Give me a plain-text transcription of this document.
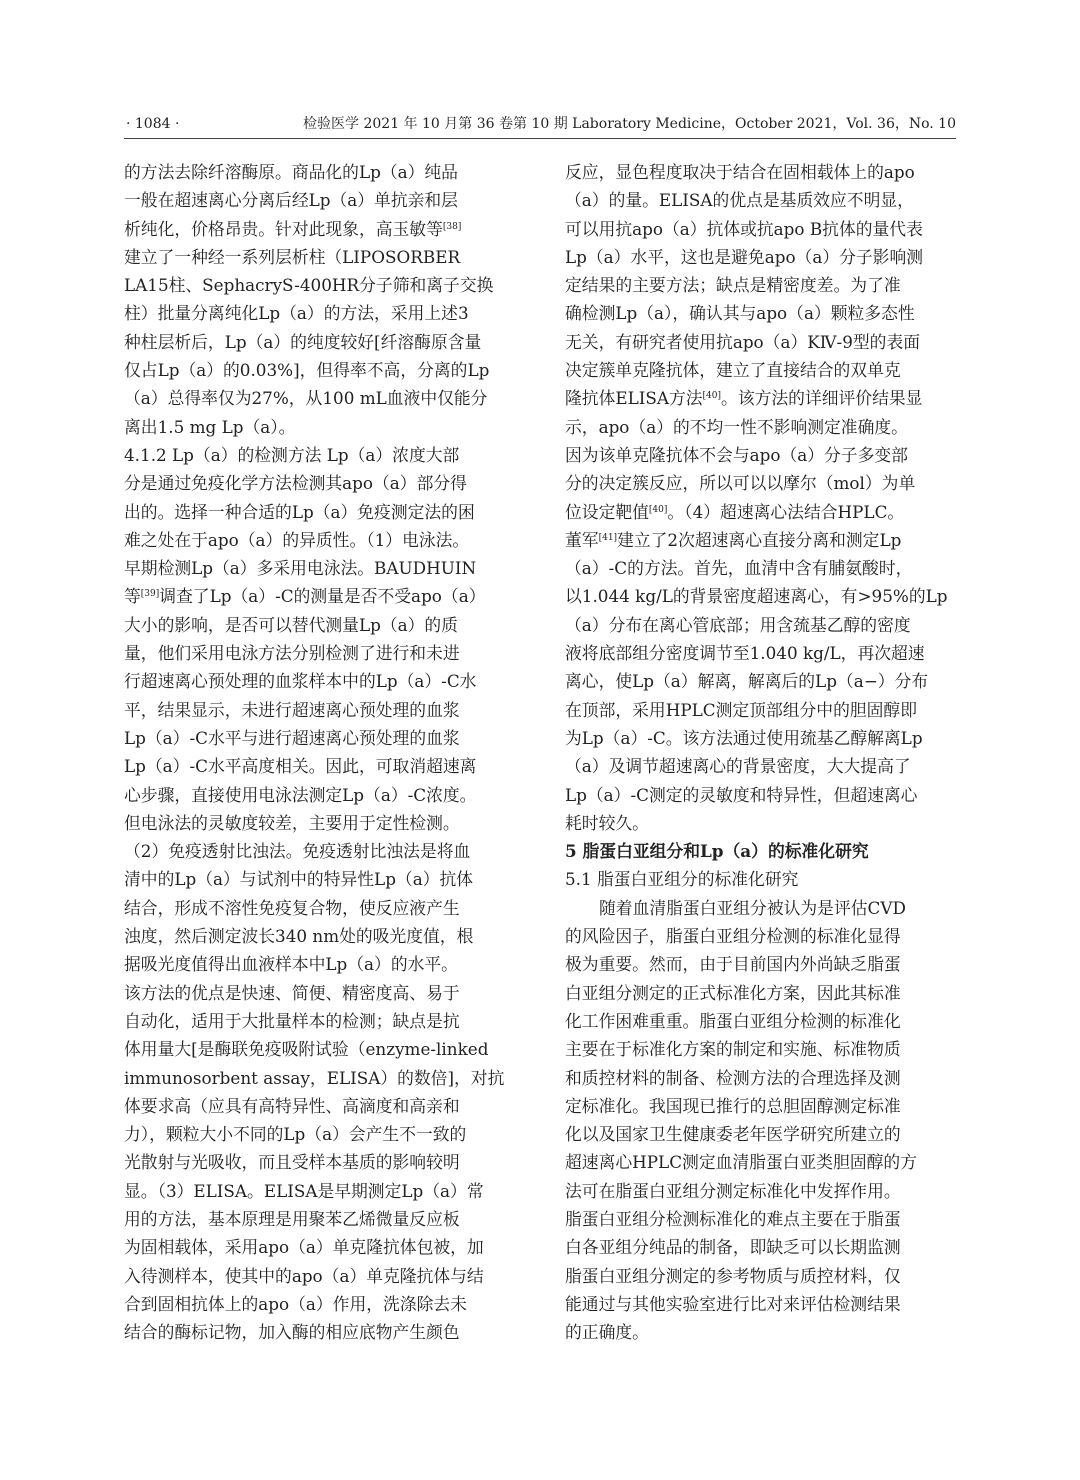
· 1084 ·	检验医学 2021 年 10 月第 36 卷第 10 期 Laboratory Medicine，October 2021，Vol. 36，No. 10
的方法去除纤溶酶原。商品化的Lp（a）纯品
一般在超速离心分离后经Lp（a）单抗亲和层
析纯化，价格昂贵。针对此现象，高玉敏等[38]
建立了一种经一系列层析柱（LIPOSORBER
LA15柱、SephacryS-400HR分子筛和离子交换
柱）批量分离纯化Lp（a）的方法，采用上述3
种柱层析后，Lp（a）的纯度较好[纤溶酶原含量
仅占Lp（a）的0.03%]，但得率不高，分离的Lp
（a）总得率仅为27%，从100 mL血液中仅能分
离出1.5 mg Lp（a）。
4.1.2 Lp（a）的检测方法 Lp（a）浓度大部
分是通过免疫化学方法检测其apo（a）部分得
出的。选择一种合适的Lp（a）免疫测定法的困
难之处在于apo（a）的异质性。（1）电泳法。
早期检测Lp（a）多采用电泳法。BAUDHUIN
等[39]调查了Lp（a）-C的测量是否不受apo（a）
大小的影响，是否可以替代测量Lp（a）的质
量，他们采用电泳方法分别检测了进行和未进
行超速离心预处理的血浆样本中的Lp（a）-C水
平，结果显示，未进行超速离心预处理的血浆
Lp（a）-C水平与进行超速离心预处理的血浆
Lp（a）-C水平高度相关。因此，可取消超速离
心步骤，直接使用电泳法测定Lp（a）-C浓度。
但电泳法的灵敏度较差，主要用于定性检测。
（2）免疫透射比浊法。免疫透射比浊法是将血
清中的Lp（a）与试剂中的特异性Lp（a）抗体
结合，形成不溶性免疫复合物，使反应液产生
浊度，然后测定波长340 nm处的吸光度值，根
据吸光度值得出血液样本中Lp（a）的水平。
该方法的优点是快速、简便、精密度高、易于
自动化，适用于大批量样本的检测；缺点是抗
体用量大[是酶联免疫吸附试验（enzyme-linked
immunosorbent assay，ELISA）的数倍]，对抗
体要求高（应具有高特异性、高滴度和高亲和
力），颗粒大小不同的Lp（a）会产生不一致的
光散射与光吸收，而且受样本基质的影响较明
显。（3）ELISA。ELISA是早期测定Lp（a）常
用的方法，基本原理是用聚苯乙烯微量反应板
为固相载体，采用apo（a）单克隆抗体包被，加
入待测样本，使其中的apo（a）单克隆抗体与结
合到固相抗体上的apo（a）作用，洗涤除去未
结合的酶标记物，加入酶的相应底物产生颜色
反应，显色程度取决于结合在固相载体上的apo
（a）的量。ELISA的优点是基质效应不明显，
可以用抗apo（a）抗体或抗apo B抗体的量代表
Lp（a）水平，这也是避免apo（a）分子影响测
定结果的主要方法；缺点是精密度差。为了准
确检测Lp（a），确认其与apo（a）颗粒多态性
无关，有研究者使用抗apo（a）KⅣ-9型的表面
决定簇单克隆抗体，建立了直接结合的双单克
隆抗体ELISA方法[40]。该方法的详细评价结果显
示，apo（a）的不均一性不影响测定准确度。
因为该单克隆抗体不会与apo（a）分子多变部
分的决定簇反应，所以可以以摩尔（mol）为单
位设定靶值[40]。（4）超速离心法结合HPLC。
董军[41]建立了2次超速离心直接分离和测定Lp
（a）-C的方法。首先，血清中含有脯氨酸时，
以1.044 kg/L的背景密度超速离心，有>95%的Lp
（a）分布在离心管底部；用含巯基乙醇的密度
液将底部组分密度调节至1.040 kg/L，再次超速
离心，使Lp（a）解离，解离后的Lp（a−）分布
在顶部，采用HPLC测定顶部组分中的胆固醇即
为Lp（a）-C。该方法通过使用巯基乙醇解离Lp
（a）及调节超速离心的背景密度，大大提高了
Lp（a）-C测定的灵敏度和特异性，但超速离心
耗时较久。
5 脂蛋白亚组分和Lp（a）的标准化研究
5.1 脂蛋白亚组分的标准化研究
随着血清脂蛋白亚组分被认为是评估CVD
的风险因子，脂蛋白亚组分检测的标准化显得
极为重要。然而，由于目前国内外尚缺乏脂蛋
白亚组分测定的正式标准化方案，因此其标准
化工作困难重重。脂蛋白亚组分检测的标准化
主要在于标准化方案的制定和实施、标准物质
和质控材料的制备、检测方法的合理选择及测
定标准化。我国现已推行的总胆固醇测定标准
化以及国家卫生健康委老年医学研究所建立的
超速离心HPLC测定血清脂蛋白亚类胆固醇的方
法可在脂蛋白亚组分测定标准化中发挥作用。
脂蛋白亚组分检测标准化的难点主要在于脂蛋
白各亚组分纯品的制备，即缺乏可以长期监测
脂蛋白亚组分测定的参考物质与质控材料，仅
能通过与其他实验室进行比对来评估检测结果
的正确度。
